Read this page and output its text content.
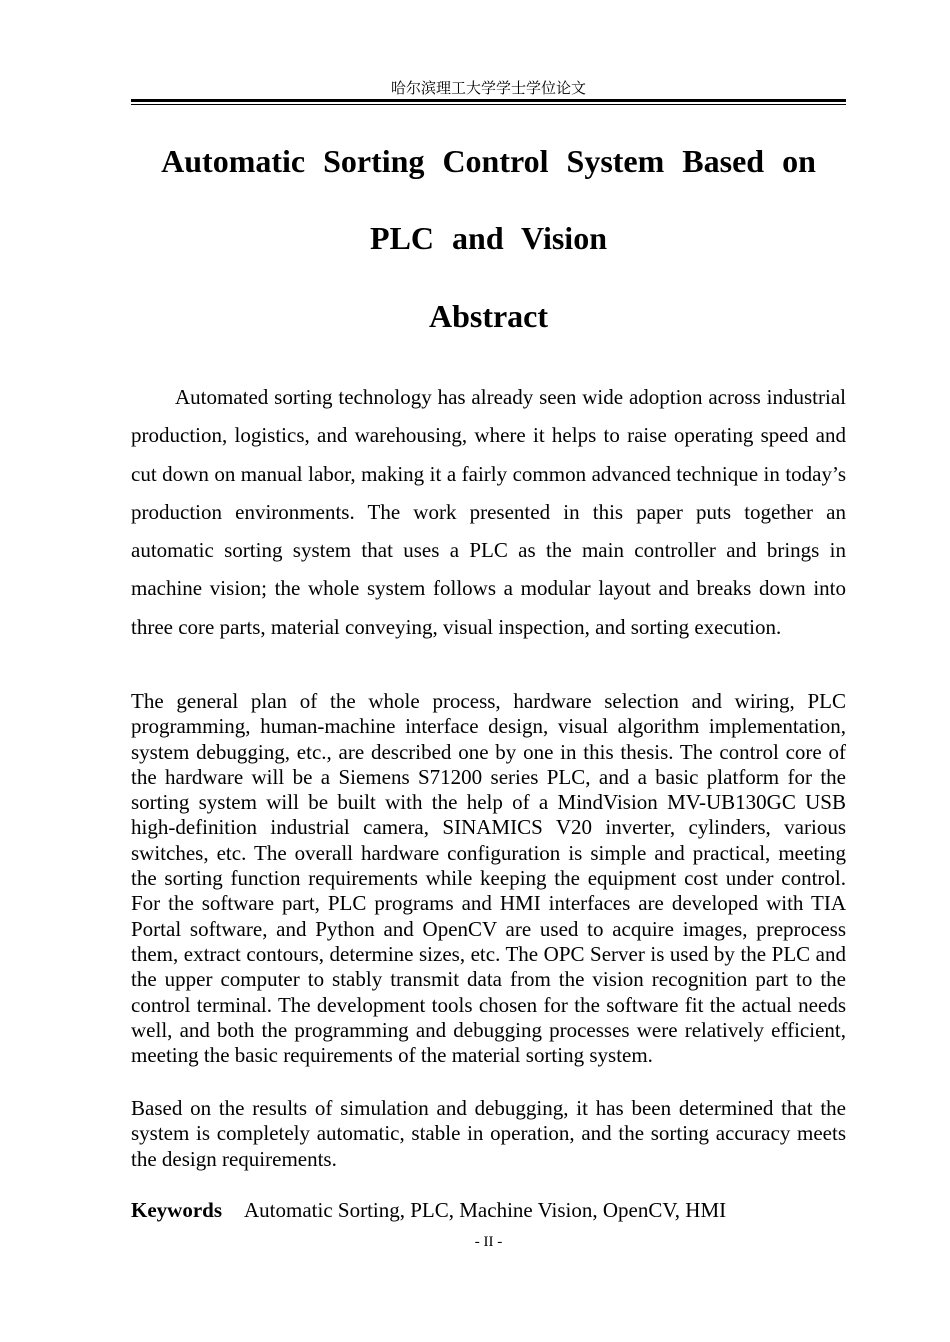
哈尔滨理工大学学士学位论文
Automatic Sorting Control System Based on
PLC and Vision
Abstract

Automated sorting technology has already seen wide adoption across industrial production, logistics, and warehousing, where it helps to raise operating speed and cut down on manual labor, making it a fairly common advanced technique in today’s production environments. The work presented in this paper puts together an automatic sorting system that uses a PLC as the main controller and brings in machine vision; the whole system follows a modular layout and breaks down into three core parts, material conveying, visual inspection, and sorting execution.

The general plan of the whole process, hardware selection and wiring, PLC programming, human-machine interface design, visual algorithm implementation, system debugging, etc., are described one by one in this thesis. The control core of the hardware will be a Siemens S71200 series PLC, and a basic platform for the sorting system will be built with the help of a MindVision MV-UB130GC USB high-definition industrial camera, SINAMICS V20 inverter, cylinders, various switches, etc. The overall hardware configuration is simple and practical, meeting the sorting function requirements while keeping the equipment cost under control. For the software part, PLC programs and HMI interfaces are developed with TIA Portal software, and Python and OpenCV are used to acquire images, preprocess them, extract contours, determine sizes, etc. The OPC Server is used by the PLC and the upper computer to stably transmit data from the vision recognition part to the control terminal. The development tools chosen for the software fit the actual needs well, and both the programming and debugging processes were relatively efficient, meeting the basic requirements of the material sorting system.

Based on the results of simulation and debugging, it has been determined that the system is completely automatic, stable in operation, and the sorting accuracy meets the design requirements.

Keywords Automatic Sorting, PLC, Machine Vision, OpenCV, HMI
- II -
